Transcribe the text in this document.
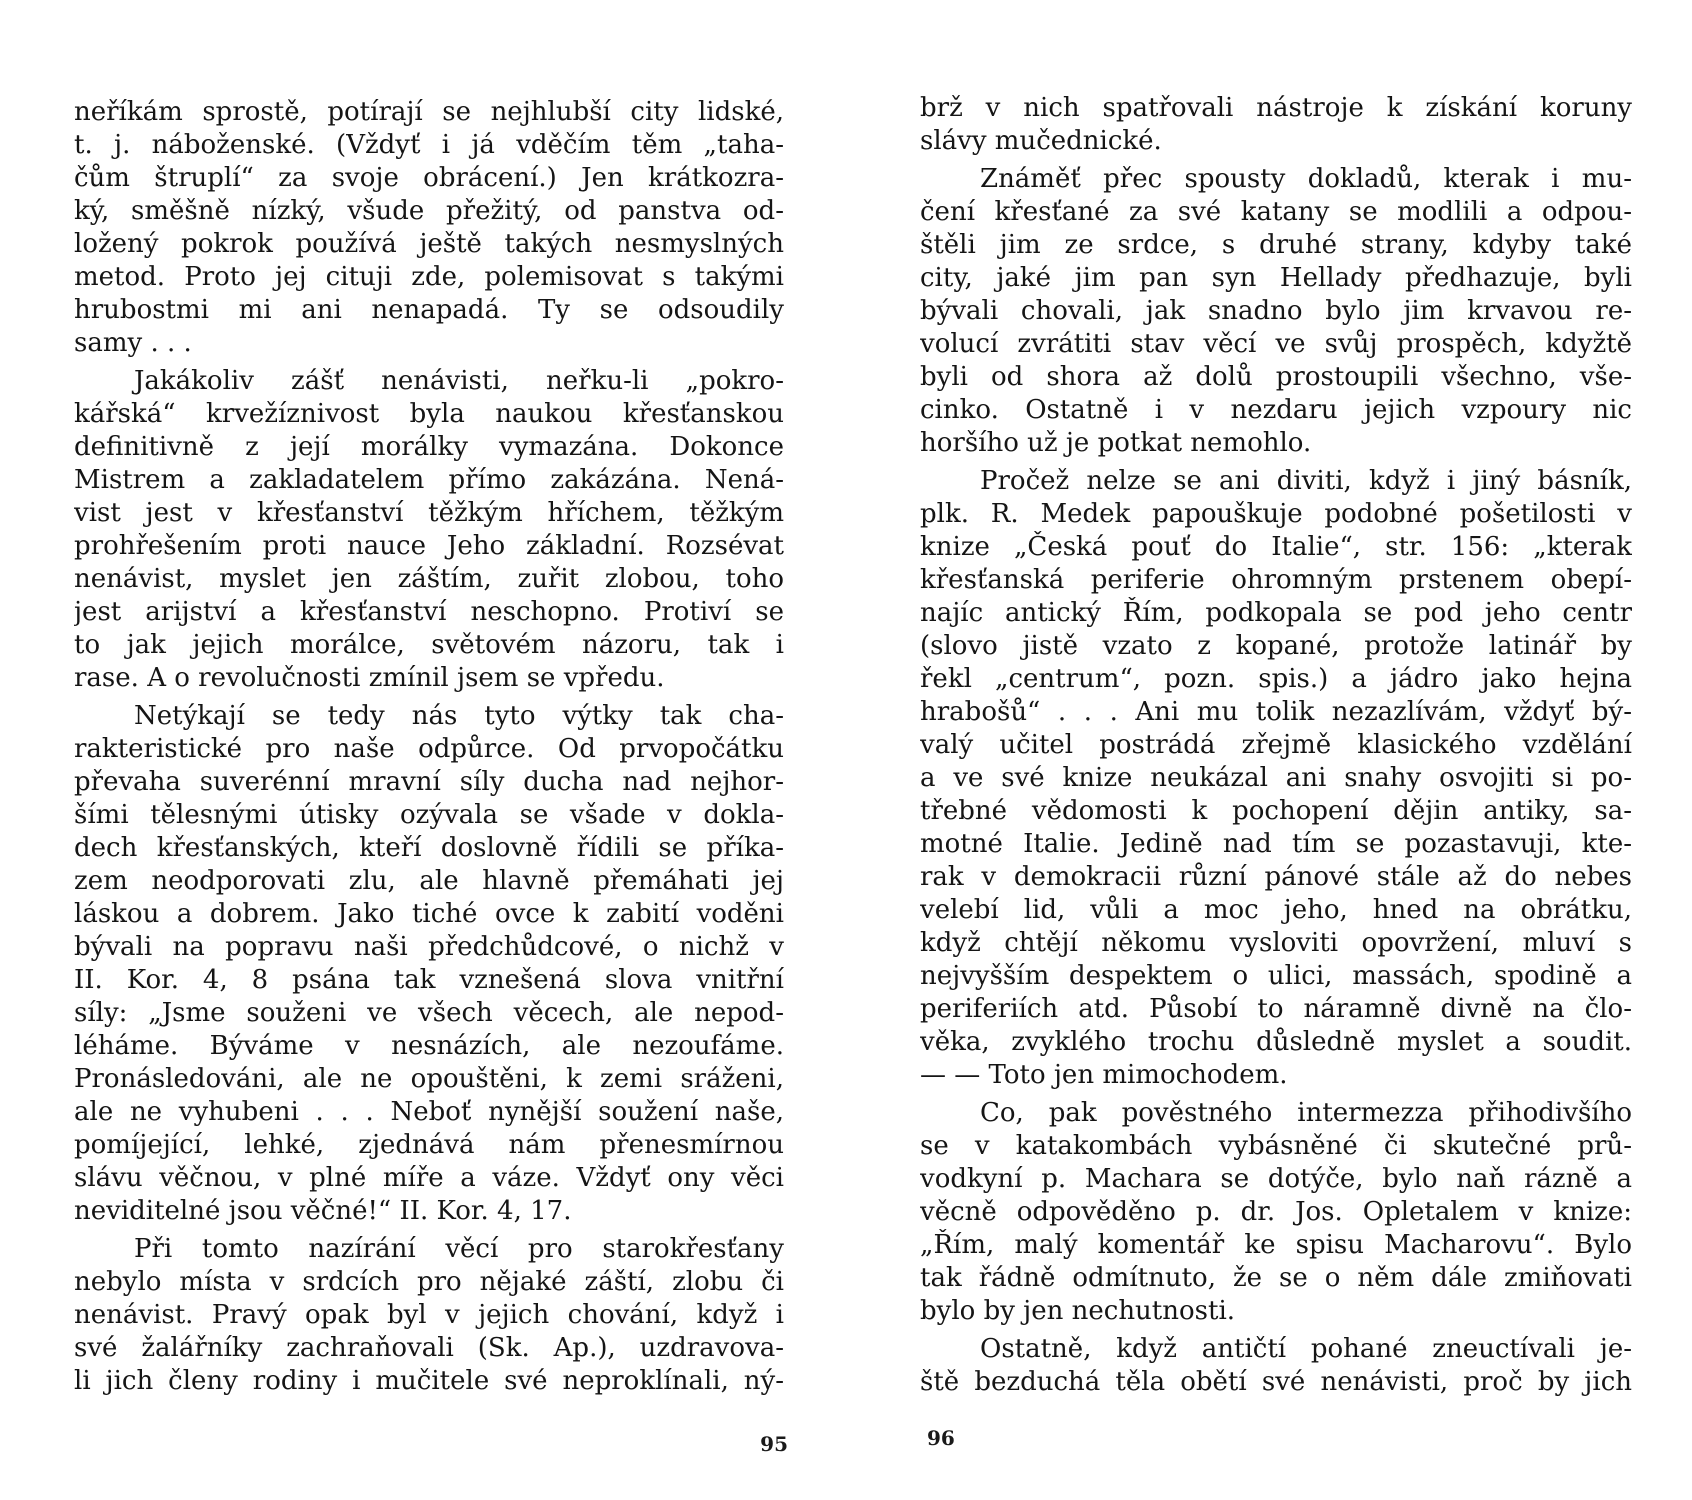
neříkám sprostě, potírají se nejhlubší city lidské,
t. j. náboženské. (Vždyť i já vděčím těm „taha-
čům štruplí“ za svoje obrácení.) Jen krátkozra-
ký, směšně nízký, všude přežitý, od panstva od-
ložený pokrok používá ještě takých nesmyslných
metod. Proto jej cituji zde, polemisovat s takými
hrubostmi mi ani nenapadá. Ty se odsoudily
samy . . .
Jakákoliv zášť nenávisti, neřku-li „pokro-
kářská“ krvežíznivost byla naukou křesťanskou
definitivně z její morálky vymazána. Dokonce
Mistrem a zakladatelem přímo zakázána. Nená-
vist jest v křesťanství těžkým hříchem, těžkým
prohřešením proti nauce Jeho základní. Rozsévat
nenávist, myslet jen záštím, zuřit zlobou, toho
jest arijství a křesťanství neschopno. Protiví se
to jak jejich morálce, světovém názoru, tak i
rase. A o revolučnosti zmínil jsem se vpředu.
Netýkají se tedy nás tyto výtky tak cha-
rakteristické pro naše odpůrce. Od prvopočátku
převaha suverénní mravní síly ducha nad nejhor-
šími tělesnými útisky ozývala se všade v dokla-
dech křesťanských, kteří doslovně řídili se příka-
zem neodporovati zlu, ale hlavně přemáhati jej
láskou a dobrem. Jako tiché ovce k zabití voděni
bývali na popravu naši předchůdcové, o nichž v
II. Kor. 4, 8 psána tak vznešená slova vnitřní
síly: „Jsme souženi ve všech věcech, ale nepod-
léháme. Býváme v nesnázích, ale nezoufáme.
Pronásledováni, ale ne opouštěni, k zemi sráženi,
ale ne vyhubeni . . . Neboť nynější soužení naše,
pomíjející, lehké, zjednává nám přenesmírnou
slávu věčnou, v plné míře a váze. Vždyť ony věci
neviditelné jsou věčné!“ II. Kor. 4, 17.
Při tomto nazírání věcí pro starokřesťany
nebylo místa v srdcích pro nějaké záští, zlobu či
nenávist. Pravý opak byl v jejich chování, když i
své žalářníky zachraňovali (Sk. Ap.), uzdravova-
li jich členy rodiny i mučitele své neproklínali, ný-
brž v nich spatřovali nástroje k získání koruny
slávy mučednické.
Známěť přec spousty dokladů, kterak i mu-
čení křesťané za své katany se modlili a odpou-
štěli jim ze srdce, s druhé strany, kdyby také
city, jaké jim pan syn Hellady předhazuje, byli
bývali chovali, jak snadno bylo jim krvavou re-
volucí zvrátiti stav věcí ve svůj prospěch, kdyžtě
byli od shora až dolů prostoupili všechno, vše-
cinko. Ostatně i v nezdaru jejich vzpoury nic
horšího už je potkat nemohlo.
Pročež nelze se ani diviti, když i jiný básník,
plk. R. Medek papouškuje podobné pošetilosti v
knize „Česká pouť do Italie“, str. 156: „kterak
křesťanská periferie ohromným prstenem obepí-
najíc antický Řím, podkopala se pod jeho centr
(slovo jistě vzato z kopané, protože latinář by
řekl „centrum“, pozn. spis.) a jádro jako hejna
hrabošů“ . . . Ani mu tolik nezazlívám, vždyť bý-
valý učitel postrádá zřejmě klasického vzdělání
a ve své knize neukázal ani snahy osvojiti si po-
třebné vědomosti k pochopení dějin antiky, sa-
motné Italie. Jedině nad tím se pozastavuji, kte-
rak v demokracii různí pánové stále až do nebes
velebí lid, vůli a moc jeho, hned na obrátku,
když chtějí někomu vysloviti opovržení, mluví s
nejvyšším despektem o ulici, massách, spodině a
periferiích atd. Působí to náramně divně na člo-
věka, zvyklého trochu důsledně myslet a soudit.
— — Toto jen mimochodem.
Co, pak pověstného intermezza přihodivšího
se v katakombách vybásněné či skutečné prů-
vodkyní p. Machara se dotýče, bylo naň rázně a
věcně odpověděno p. dr. Jos. Opletalem v knize:
„Řím, malý komentář ke spisu Macharovu“. Bylo
tak řádně odmítnuto, že se o něm dále zmiňovati
bylo by jen nechutnosti.
Ostatně, když antičtí pohané zneuctívali je-
ště bezduchá těla obětí své nenávisti, proč by jich
95	96
